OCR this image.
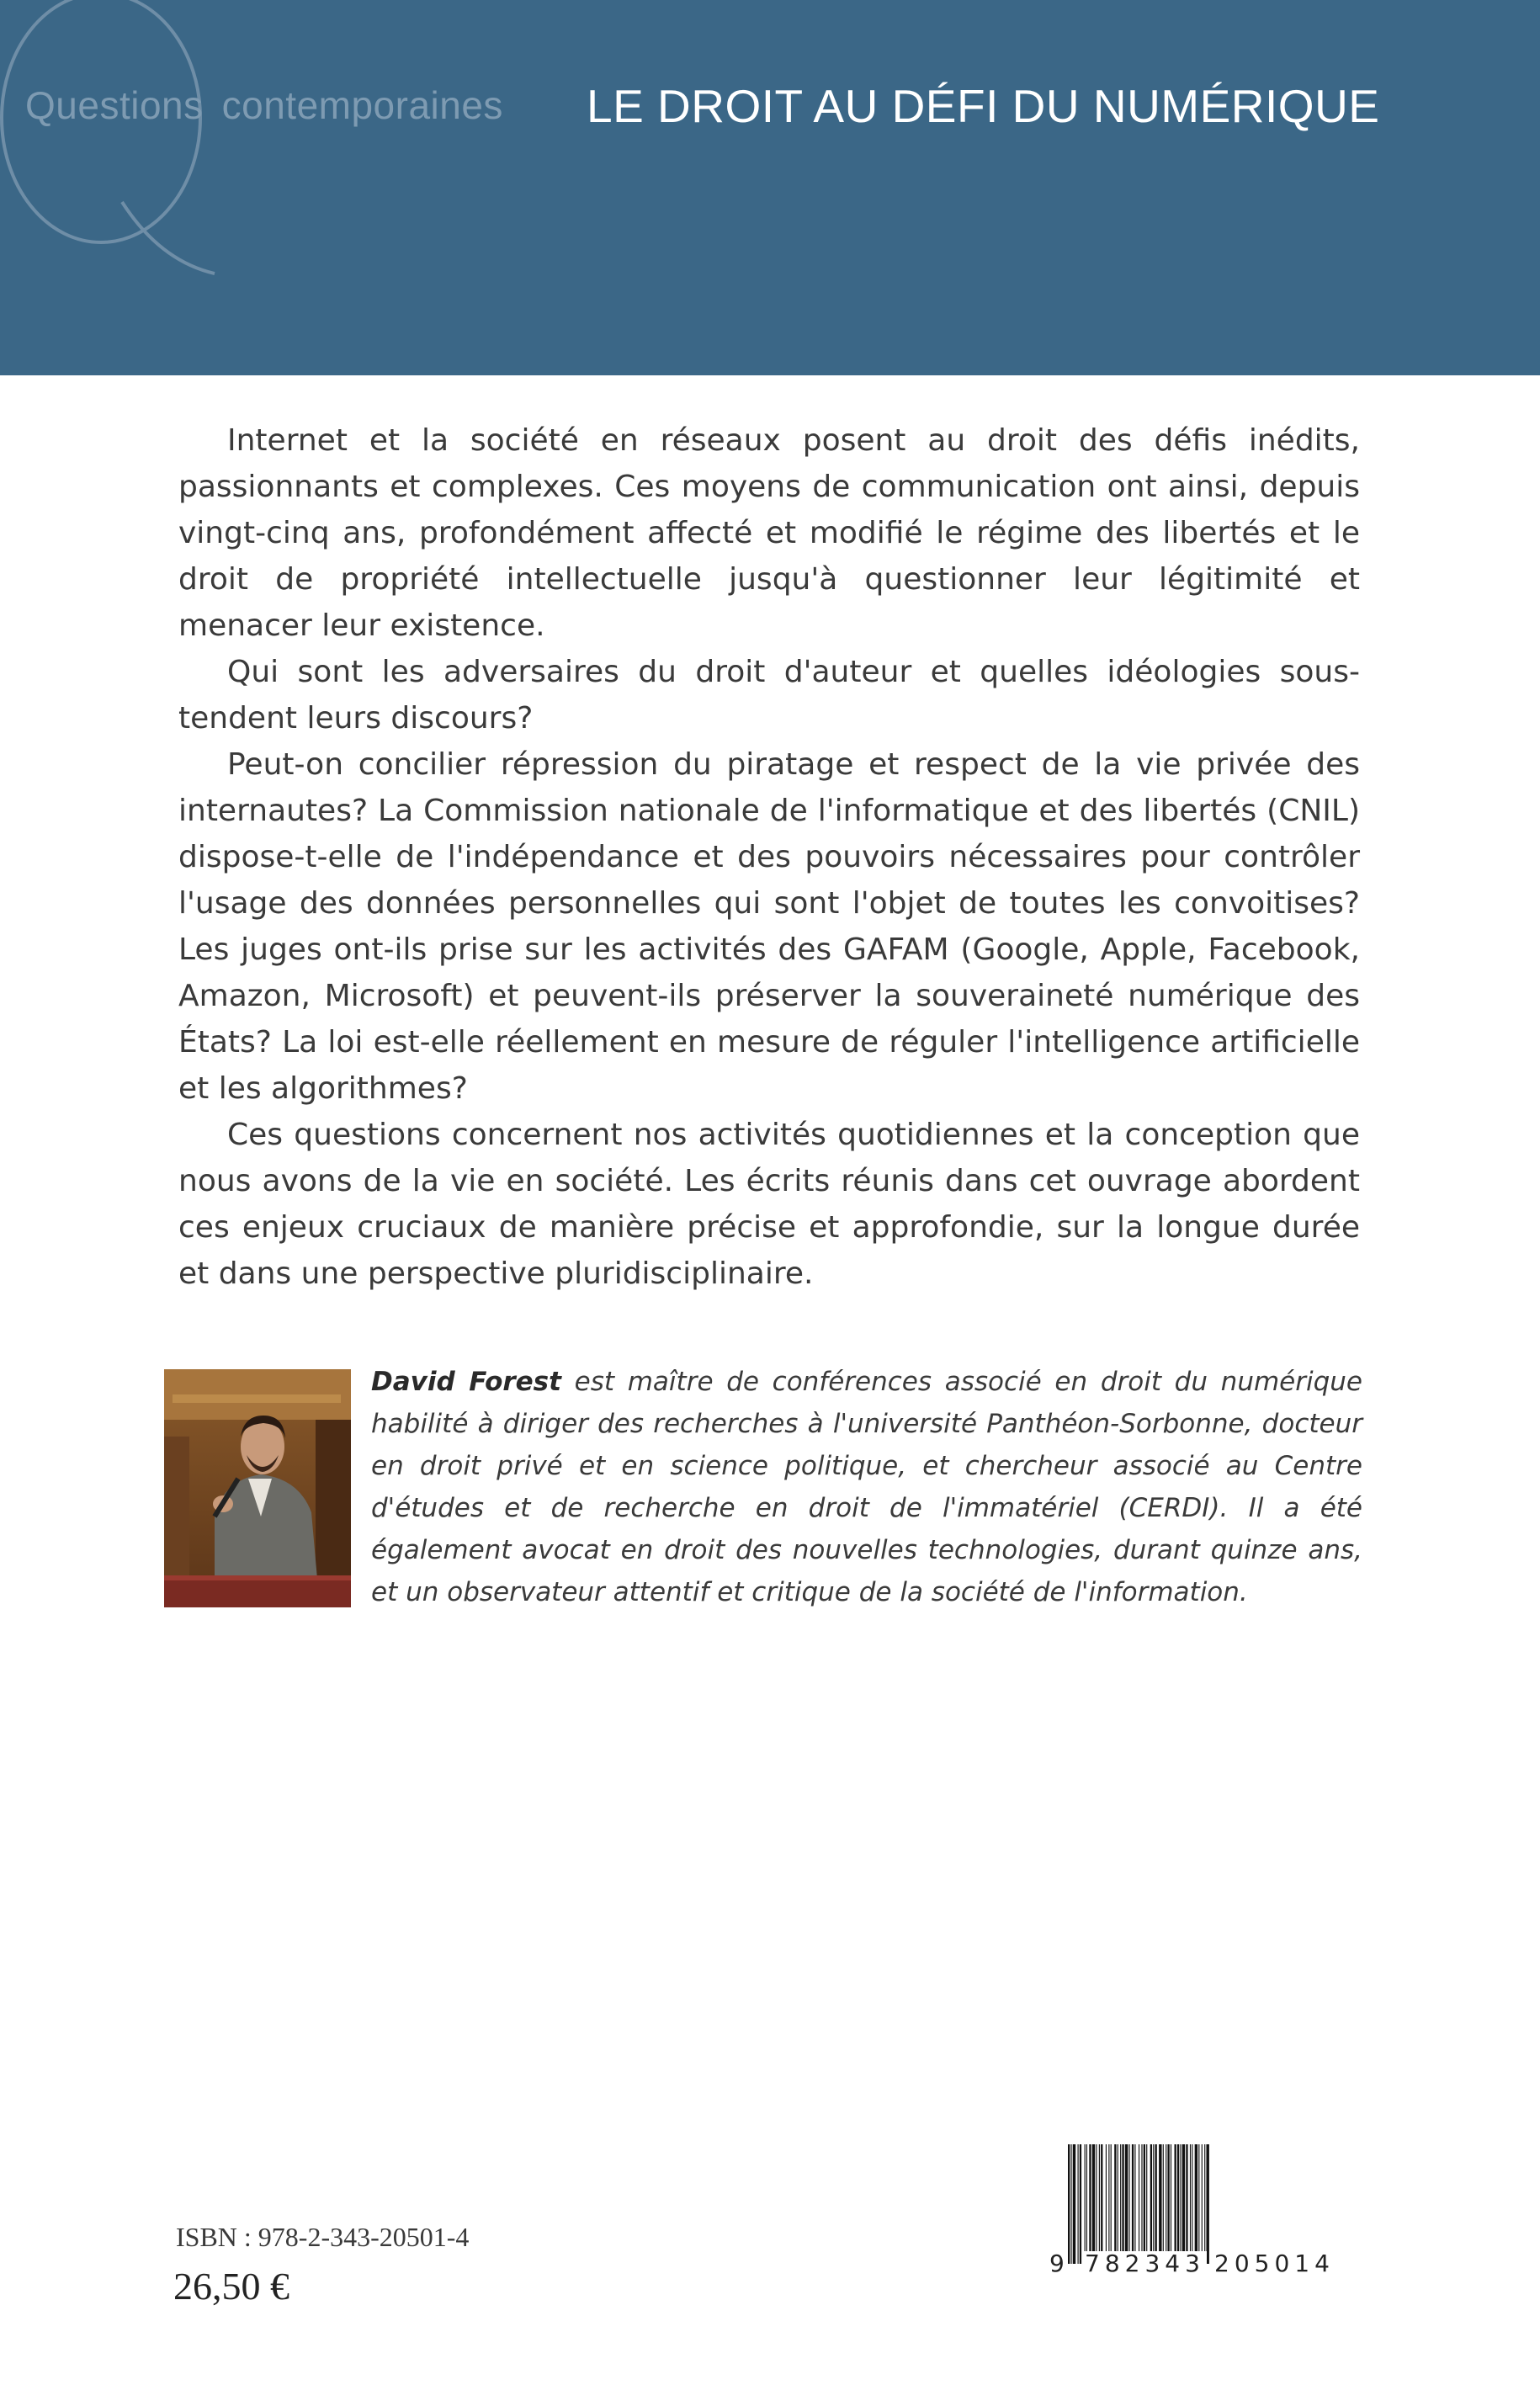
Questions contemporaines LE DROIT AU DÉFI DU NUMÉRIQUE

Internet et la société en réseaux posent au droit des défis inédits, passionnants et complexes. Ces moyens de communication ont ainsi, depuis vingt-cinq ans, profondément affecté et modifié le régime des libertés et le droit de propriété intellectuelle jusqu'à questionner leur légitimité et menacer leur existence.

Qui sont les adversaires du droit d'auteur et quelles idéologies sous-tendent leurs discours?

Peut-on concilier répression du piratage et respect de la vie privée des internautes? La Commission nationale de l'informatique et des libertés (CNIL) dispose-t-elle de l'indépendance et des pouvoirs nécessaires pour contrôler l'usage des données personnelles qui sont l'objet de toutes les convoitises? Les juges ont-ils prise sur les activités des GAFAM (Google, Apple, Facebook, Amazon, Microsoft) et peuvent-ils préserver la souveraineté numérique des États? La loi est-elle réellement en mesure de réguler l'intelligence artificielle et les algorithmes?

Ces questions concernent nos activités quotidiennes et la conception que nous avons de la vie en société. Les écrits réunis dans cet ouvrage abordent ces enjeux cruciaux de manière précise et approfondie, sur la longue durée et dans une perspective pluridisciplinaire.

David Forest est maître de conférences associé en droit du numérique habilité à diriger des recherches à l'université Panthéon-Sorbonne, docteur en droit privé et en science politique, et chercheur associé au Centre d'études et de recherche en droit de l'immatériel (CERDI). Il a été également avocat en droit des nouvelles technologies, durant quinze ans, et un observateur attentif et critique de la société de l'information.
ISBN : 978-2-343-20501-4
26,50 €
9 782343 205014
